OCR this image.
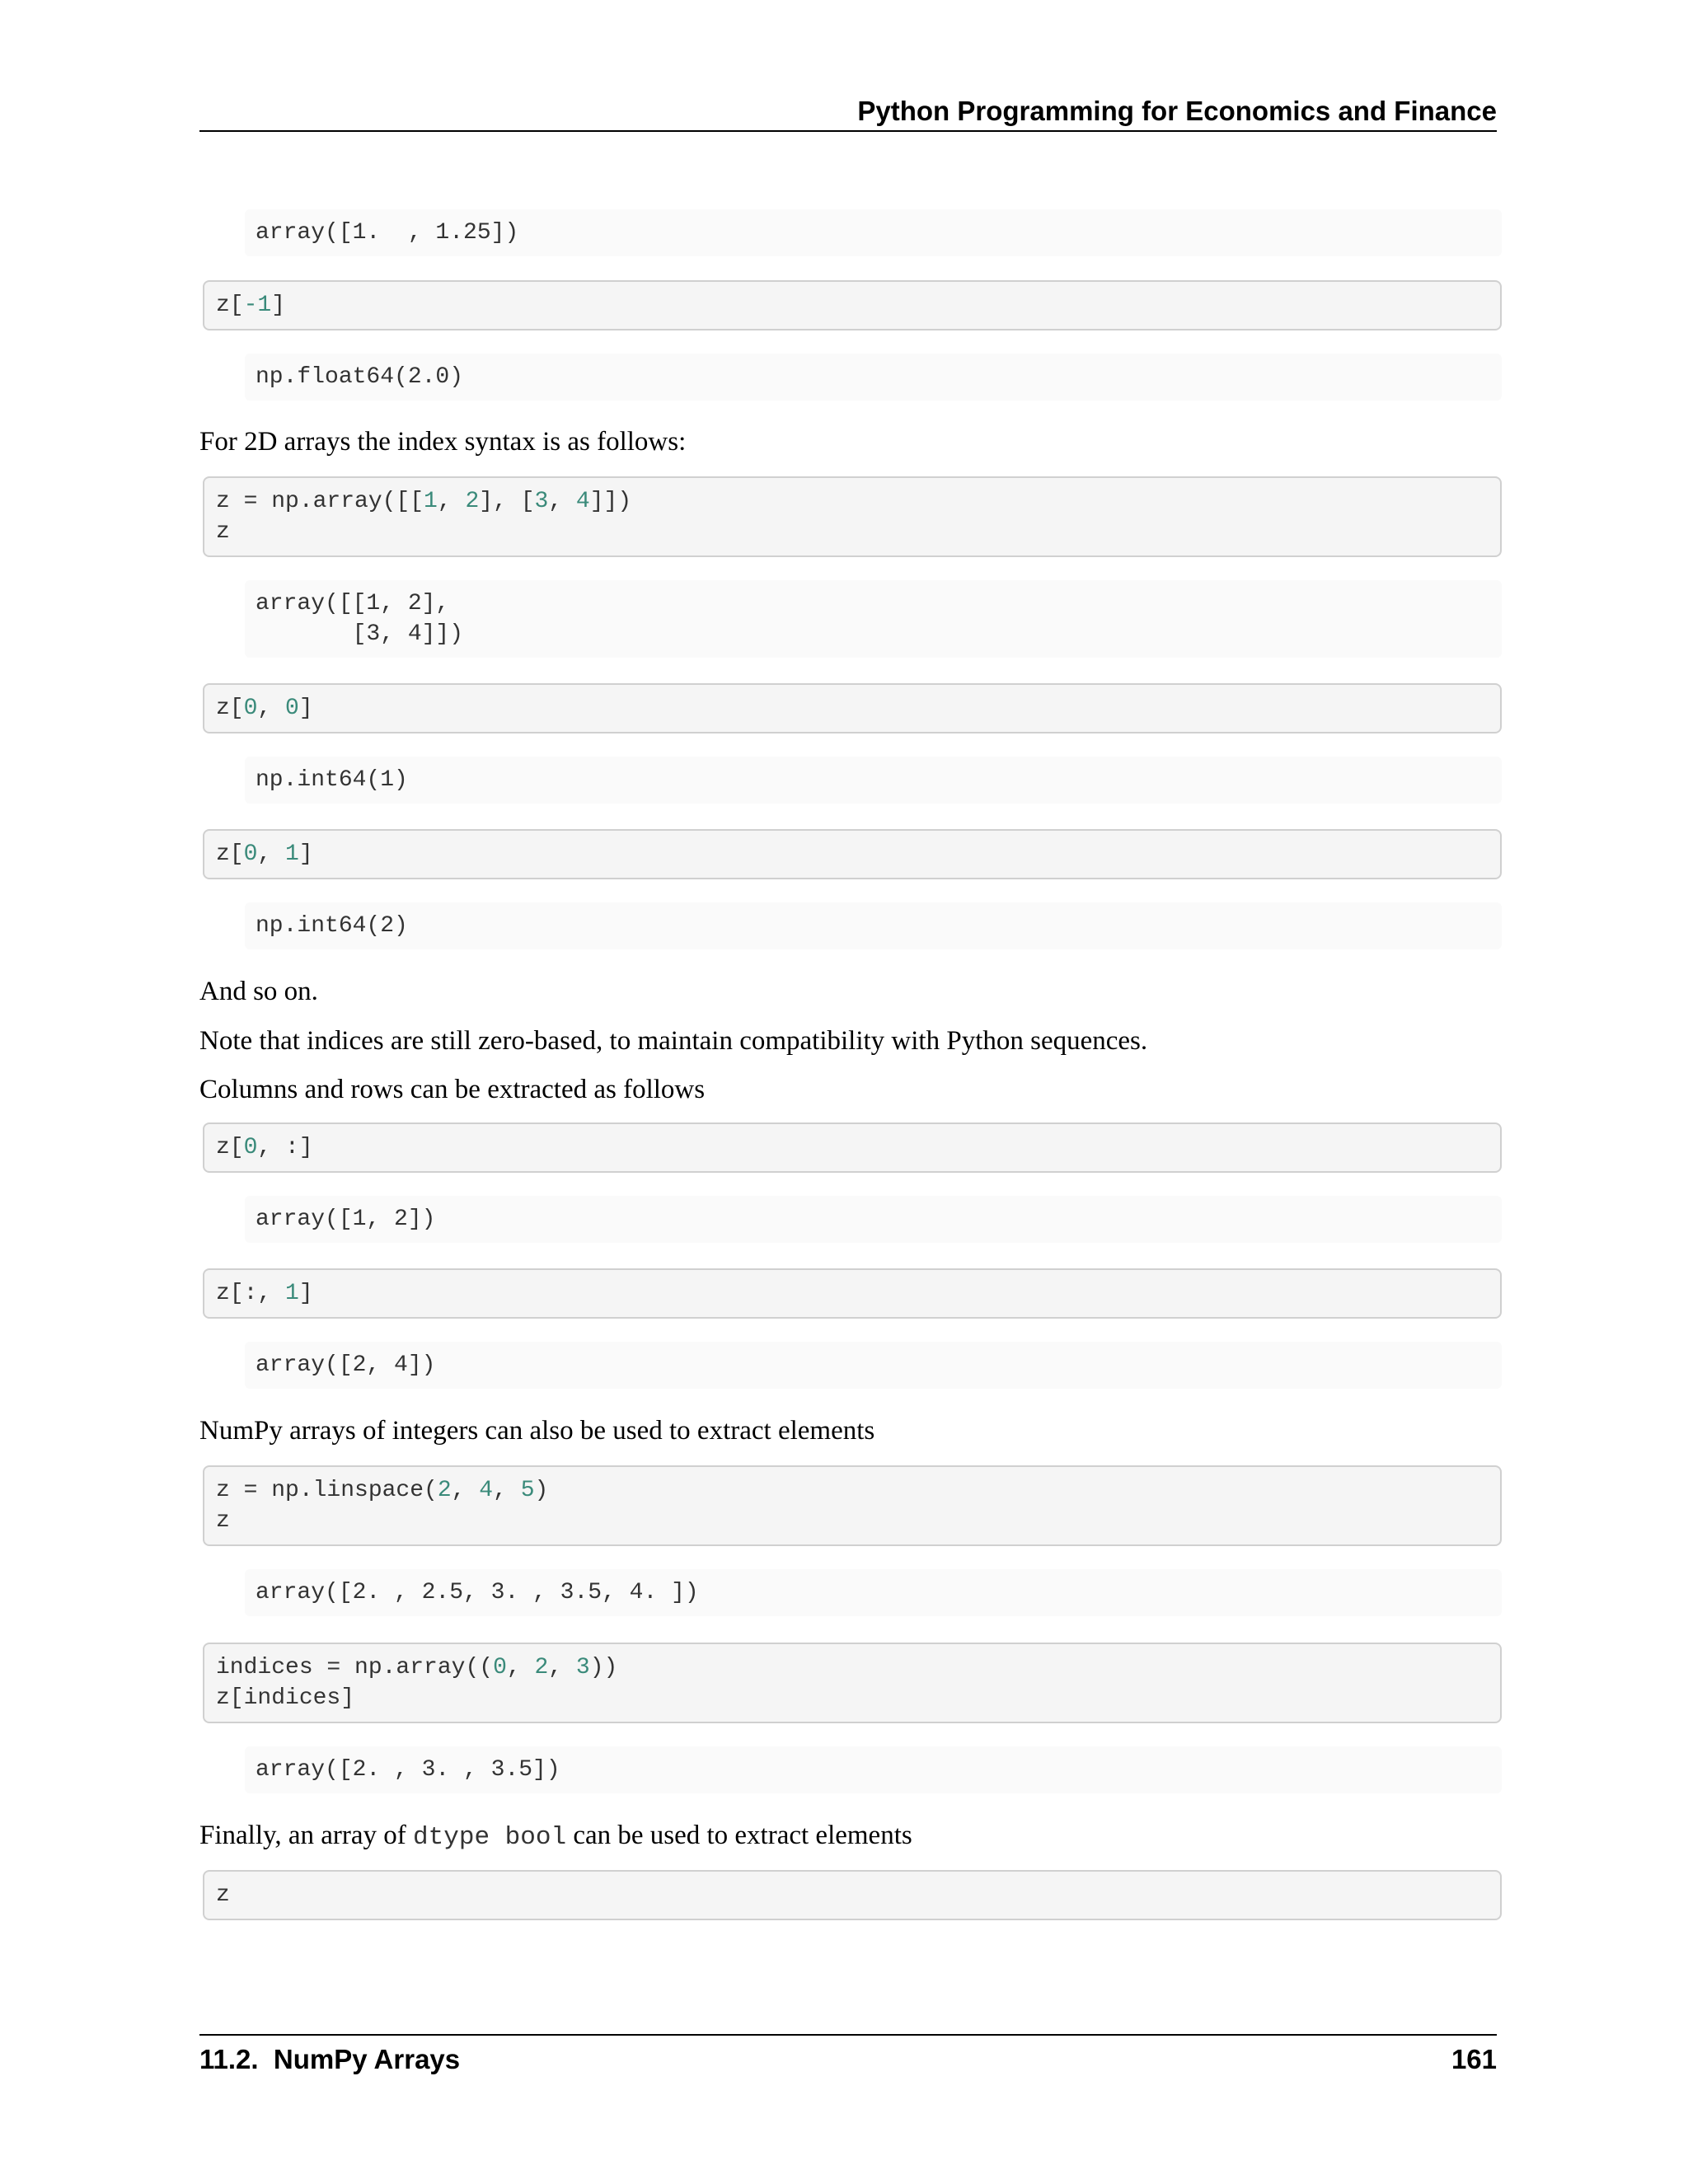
Python Programming for Economics and Finance
array([1.  , 1.25])
z[-1]
np.float64(2.0)
For 2D arrays the index syntax is as follows:
z = np.array([[1, 2], [3, 4]])
z
array([[1, 2],
[3, 4]])
z[0, 0]
np.int64(1)
z[0, 1]
np.int64(2)
And so on.
Note that indices are still zero-based, to maintain compatibility with Python sequences.
Columns and rows can be extracted as follows
z[0, :]
array([1, 2])
z[:, 1]
array([2, 4])
NumPy arrays of integers can also be used to extract elements
z = np.linspace(2, 4, 5)
z
array([2. , 2.5, 3. , 3.5, 4. ])
indices = np.array((0, 2, 3))
z[indices]
array([2. , 3. , 3.5])
Finally, an array of dtype bool can be used to extract elements
z
11.2.  NumPy Arrays	161
